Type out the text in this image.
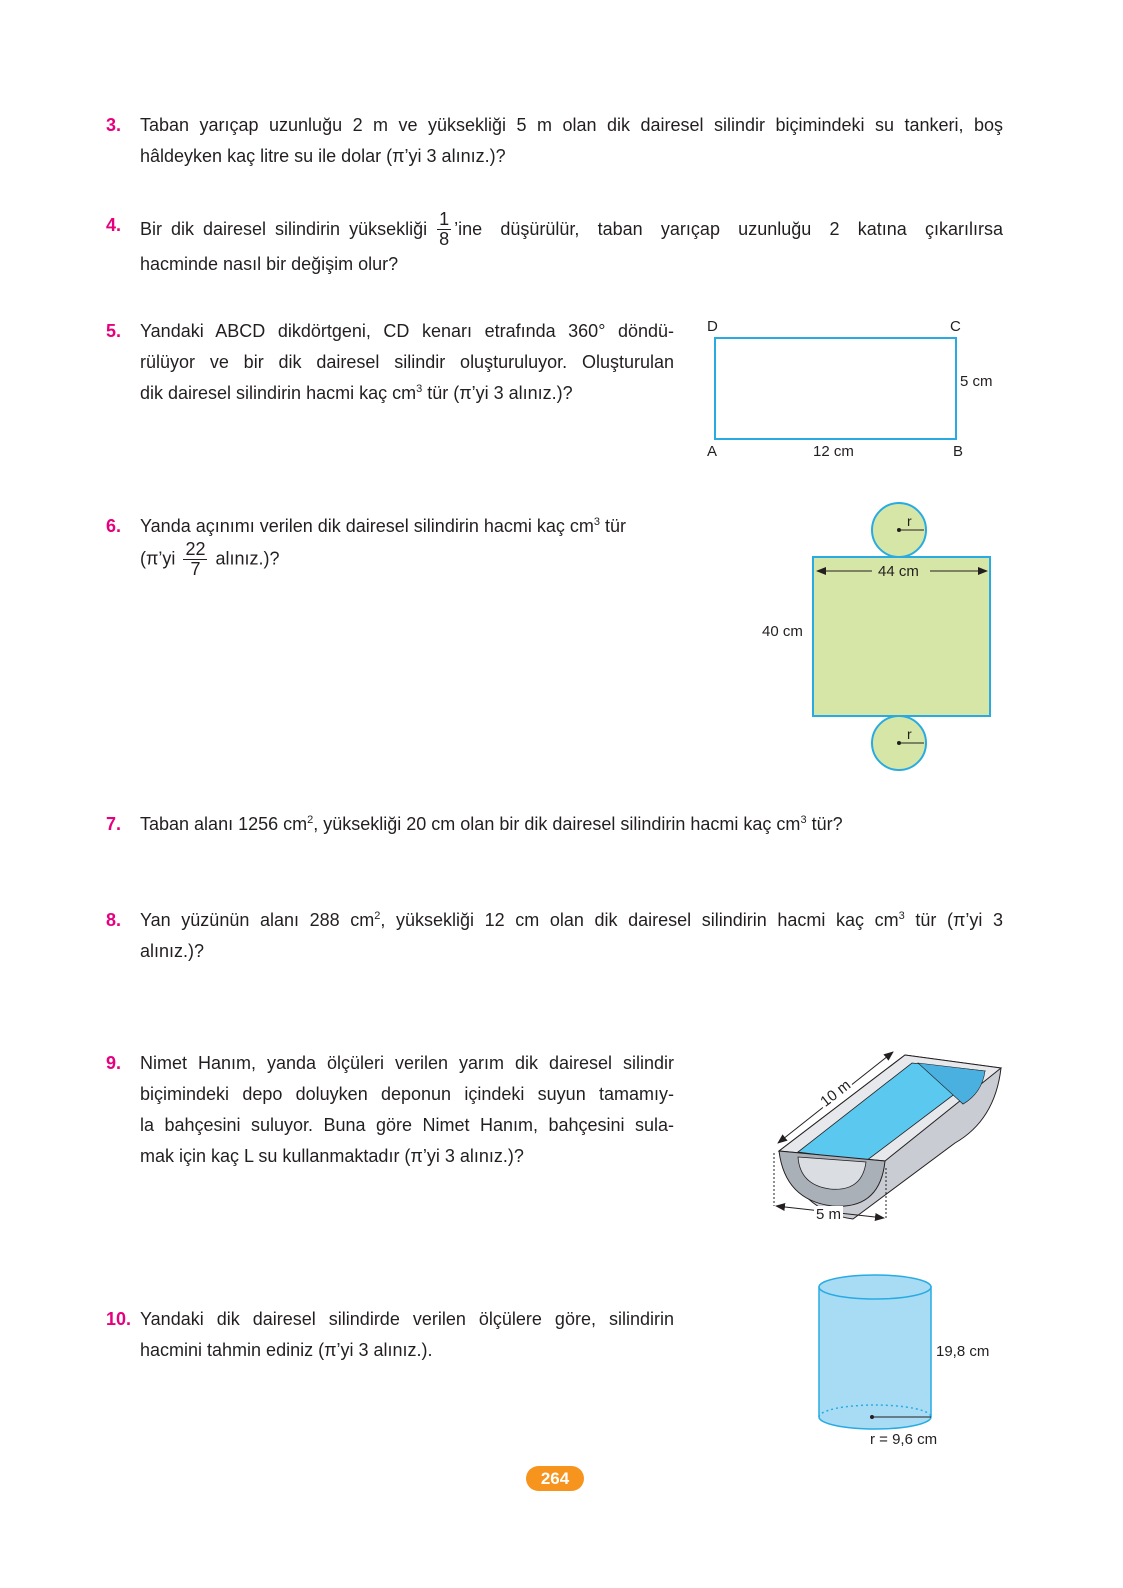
3. Taban yarıçap uzunluğu 2 m ve yüksekliği 5 m olan dik dairesel silindir biçimindeki su tankeri, boş
hâldeyken kaç litre su ile dolar (π’yi 3 alınız.)?
4. Bir dik dairesel silindirin yüksekliği $\frac{1}{8}$ ’ine düşürülür, taban yarıçap uzunluğu 2 katına çıkarılırsa
hacminde nasıl bir değişim olur?
5. Yandaki ABCD dikdörtgeni, CD kenarı etrafında 360° döndü-
rülüyor ve bir dik dairesel silindir oluşturuluyor. Oluşturulan
dik dairesel silindirin hacmi kaç $cm^3$ tür (π’yi 3 alınız.)?
D	C
A	B
5 cm
12 cm
6. Yanda açınımı verilen dik dairesel silindirin hacmi kaç $cm^3$ tür
(π’yi $\frac{22}{7}$ alınız.)?
r
r
44 cm
40 cm
7. Taban alanı 1256 $cm^2$, yüksekliği 20 cm olan bir dik dairesel silindirin hacmi kaç $cm^3$ tür?
8. Yan yüzünün alanı 288 $cm^2$, yüksekliği 12 cm olan dik dairesel silindirin hacmi kaç $cm^3$ tür (π’yi 3
alınız.)?
9. Nimet Hanım, yanda ölçüleri verilen yarım dik dairesel silindir
biçimindeki depo doluyken deponun içindeki suyun tamamıy-
la bahçesini suluyor. Buna göre Nimet Hanım, bahçesini sula-
mak için kaç L su kullanmaktadır (π’yi 3 alınız.)?
10 m
5 m
10. Yandaki dik dairesel silindirde verilen ölçülere göre, silindirin
hacmini tahmin ediniz (π’yi 3 alınız.).	19,8 cm
r = 9,6 cm
264
